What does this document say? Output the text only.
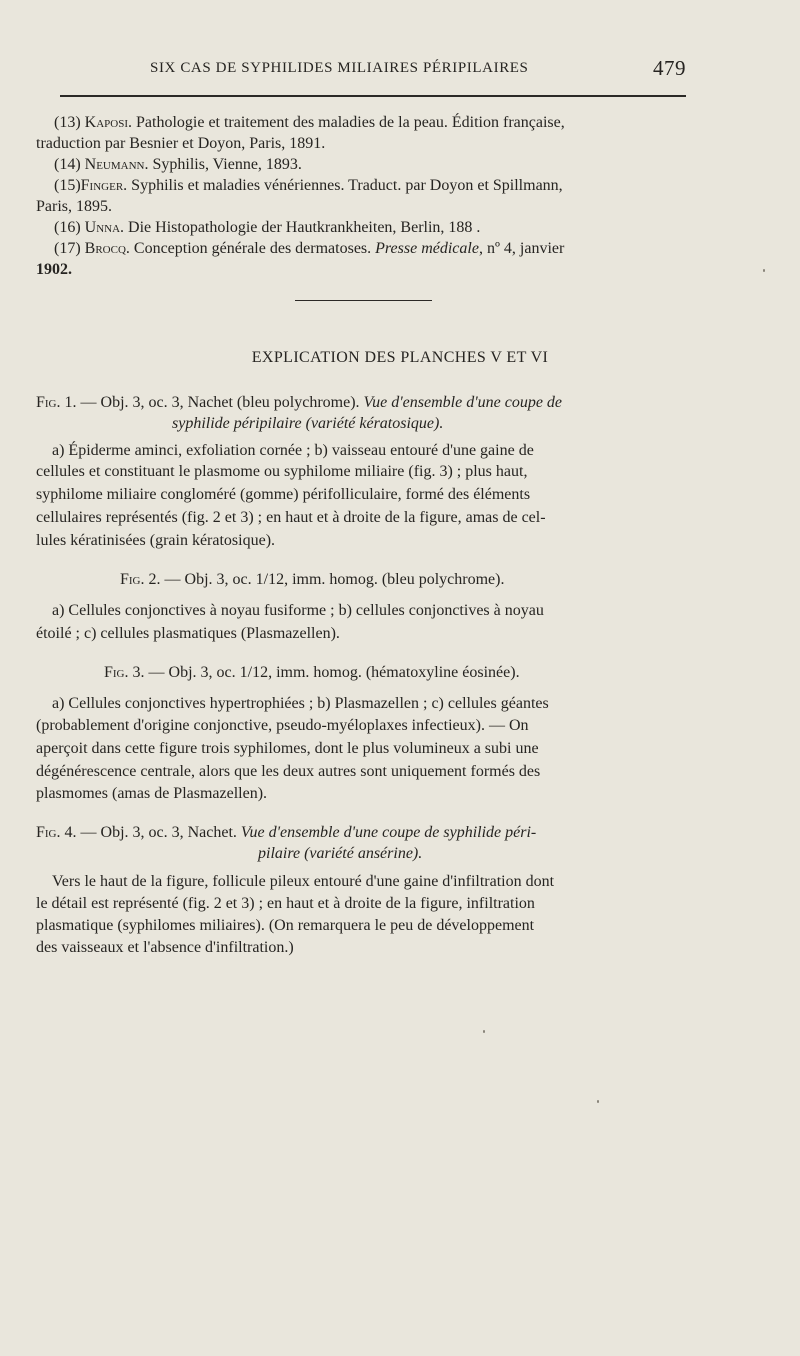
SIX CAS DE SYPHILIDES MILIAIRES PÉRIPILAIRES	479
(13) Kaposi. Pathologie et traitement des maladies de la peau. Édition française,
traduction par Besnier et Doyon, Paris, 1891.
(14) Neumann. Syphilis, Vienne, 1893.
(15)Finger. Syphilis et maladies vénériennes. Traduct. par Doyon et Spillmann,
Paris, 1895.
(16) Unna. Die Histopathologie der Hautkrankheiten, Berlin, 188 .
(17) Brocq. Conception générale des dermatoses. Presse médicale, nº 4, janvier
1902.
EXPLICATION DES PLANCHES V ET VI
Fig. 1. — Obj. 3, oc. 3, Nachet (bleu polychrome). Vue d'ensemble d'une coupe de
syphilide péripilaire (variété kératosique).
a) Épiderme aminci, exfoliation cornée ; b) vaisseau entouré d'une gaine de
cellules et constituant le plasmome ou syphilome miliaire (fig. 3) ; plus haut,
syphilome miliaire congloméré (gomme) périfolliculaire, formé des éléments
cellulaires représentés (fig. 2 et 3) ; en haut et à droite de la figure, amas de cel-
lules kératinisées (grain kératosique).
Fig. 2. — Obj. 3, oc. 1/12, imm. homog. (bleu polychrome).
a) Cellules conjonctives à noyau fusiforme ; b) cellules conjonctives à noyau
étoilé ; c) cellules plasmatiques (Plasmazellen).
Fig. 3. — Obj. 3, oc. 1/12, imm. homog. (hématoxyline éosinée).
a) Cellules conjonctives hypertrophiées ; b) Plasmazellen ; c) cellules géantes
(probablement d'origine conjonctive, pseudo-myéloplaxes infectieux). — On
aperçoit dans cette figure trois syphilomes, dont le plus volumineux a subi une
dégénérescence centrale, alors que les deux autres sont uniquement formés des
plasmomes (amas de Plasmazellen).
Fig. 4. — Obj. 3, oc. 3, Nachet. Vue d'ensemble d'une coupe de syphilide péri-
pilaire (variété ansérine).
Vers le haut de la figure, follicule pileux entouré d'une gaine d'infiltration dont
le détail est représenté (fig. 2 et 3) ; en haut et à droite de la figure, infiltration
plasmatique (syphilomes miliaires). (On remarquera le peu de développement
des vaisseaux et l'absence d'infiltration.)
